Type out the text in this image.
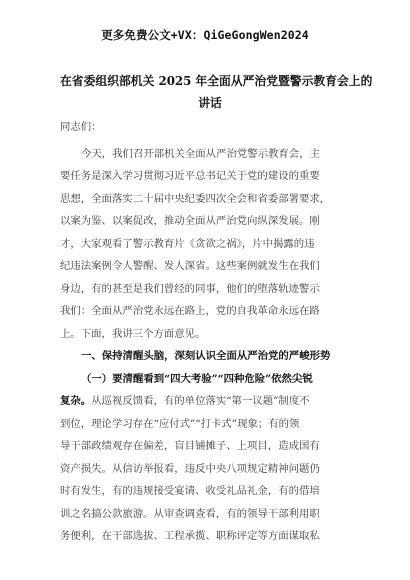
更多免费公文+VX：QiGeGongWen2024
在省委组织部机关 2025 年全面从严治党暨警示教育会上的
讲话
同志们：
今天，我们召开部机关全面从严治党警示教育会，主
要任务是深入学习贯彻习近平总书记关于党的建设的重要
思想，全面落实二十届中央纪委四次全会和省委部署要求，
以案为鉴、以案促改，推动全面从严治党向纵深发展。刚
才，大家观看了警示教育片《贪欲之祸》，片中揭露的违
纪违法案例令人警醒、发人深省。这些案例就发生在我们
身边，有的甚至是我们曾经的同事，他们的堕落轨迹警示
我们：全面从严治党永远在路上，党的自我革命永远在路
上。下面，我讲三个方面意见。
一、保持清醒头脑，深刻认识全面从严治党的严峻形势
（一）要清醒看到“四大考验”“四种危险”依然尖锐
复杂。从巡视反馈看，有的单位落实“第一议题”制度不
到位，理论学习存在“应付式”“打卡式”现象；有的领
导干部政绩观存在偏差，盲目铺摊子、上项目，造成国有
资产损失。从信访举报看，违反中央八项规定精神问题仍
时有发生，有的违规接受宴请、收受礼品礼金，有的借培
训之名搞公款旅游。从审查调查看，有的领导干部利用职
务便利，在干部选拔、工程承揽、职称评定等方面谋取私
